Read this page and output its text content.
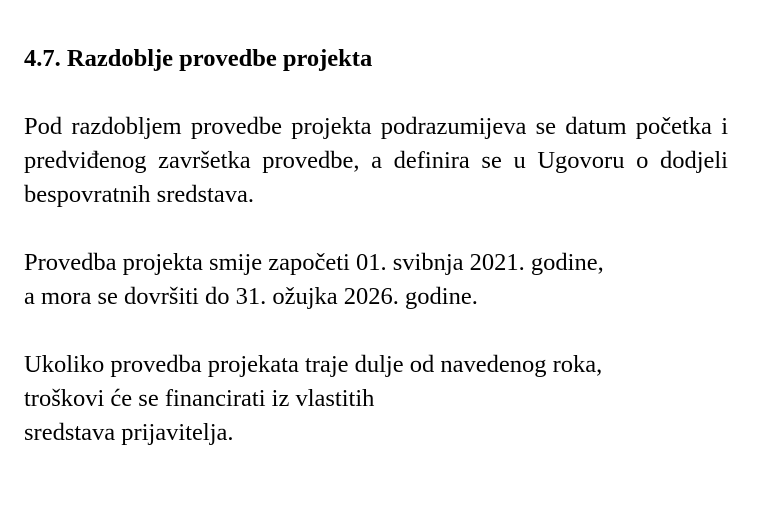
4.7. Razdoblje provedbe projekta

Pod razdobljem provedbe projekta podrazumijeva se datum početka i predviđenog završetka provedbe, a definira se u Ugovoru o dodjeli bespovratnih sredstava.

Provedba projekta smije započeti 01. svibnja 2021. godine,
a mora se dovršiti do 31. ožujka 2026. godine.

Ukoliko provedba projekata traje dulje od navedenog roka,
troškovi će se financirati iz vlastitih
sredstava prijavitelja.
